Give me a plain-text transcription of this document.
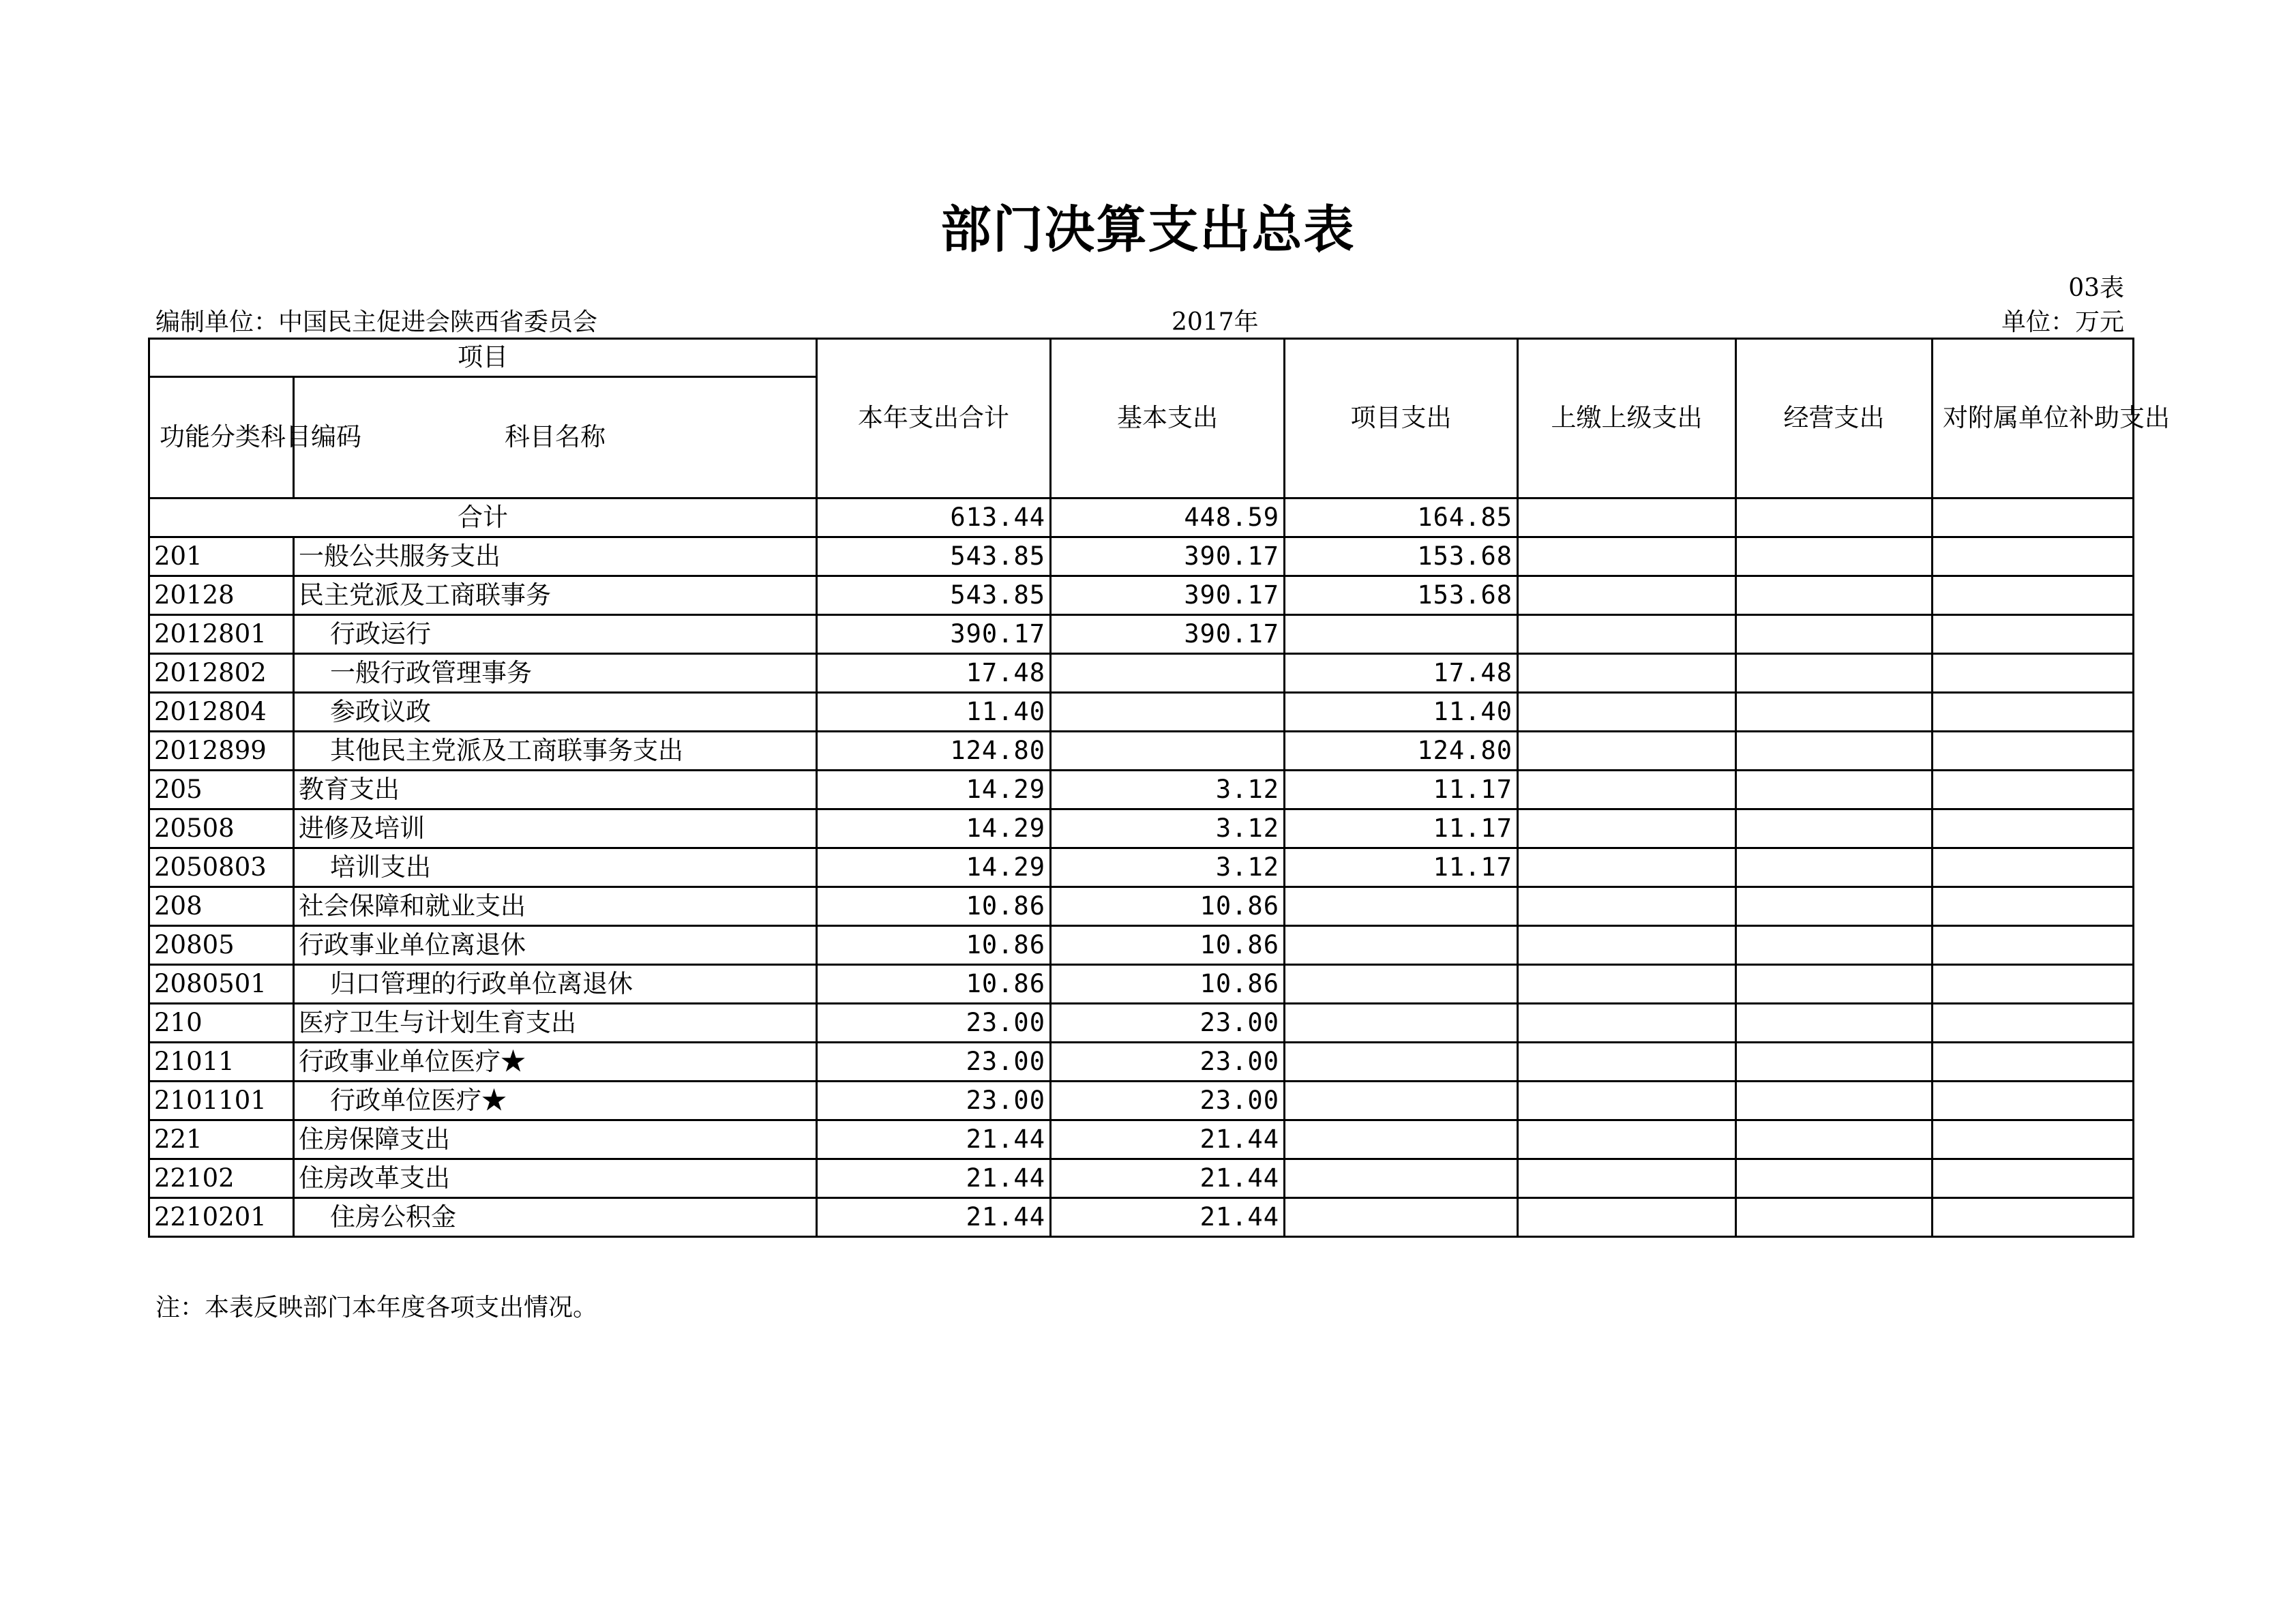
部门决算支出总表
03表
编制单位：中国民主促进会陕西省委员会	2017年	单位：万元
项目		本年支出合计	基本支出	项目支出	上缴上级支出	经营支出	对附属单位补助支出
功能分类科目编码	科目名称						
合计		613.44	448.59	164.85			
201	一般公共服务支出	543.85	390.17	153.68			
20128	民主党派及工商联事务	543.85	390.17	153.68			
2012801	行政运行	390.17	390.17				
2012802	一般行政管理事务	17.48		17.48			
2012804	参政议政	11.40		11.40			
2012899	其他民主党派及工商联事务支出	124.80		124.80			
205	教育支出	14.29	3.12	11.17			
20508	进修及培训	14.29	3.12	11.17			
2050803	培训支出	14.29	3.12	11.17			
208	社会保障和就业支出	10.86	10.86				
20805	行政事业单位离退休	10.86	10.86				
2080501	归口管理的行政单位离退休	10.86	10.86				
210	医疗卫生与计划生育支出	23.00	23.00				
21011	行政事业单位医疗★	23.00	23.00				
2101101	行政单位医疗★	23.00	23.00				
221	住房保障支出	21.44	21.44				
22102	住房改革支出	21.44	21.44				
2210201	住房公积金	21.44	21.44				
注：本表反映部门本年度各项支出情况。
